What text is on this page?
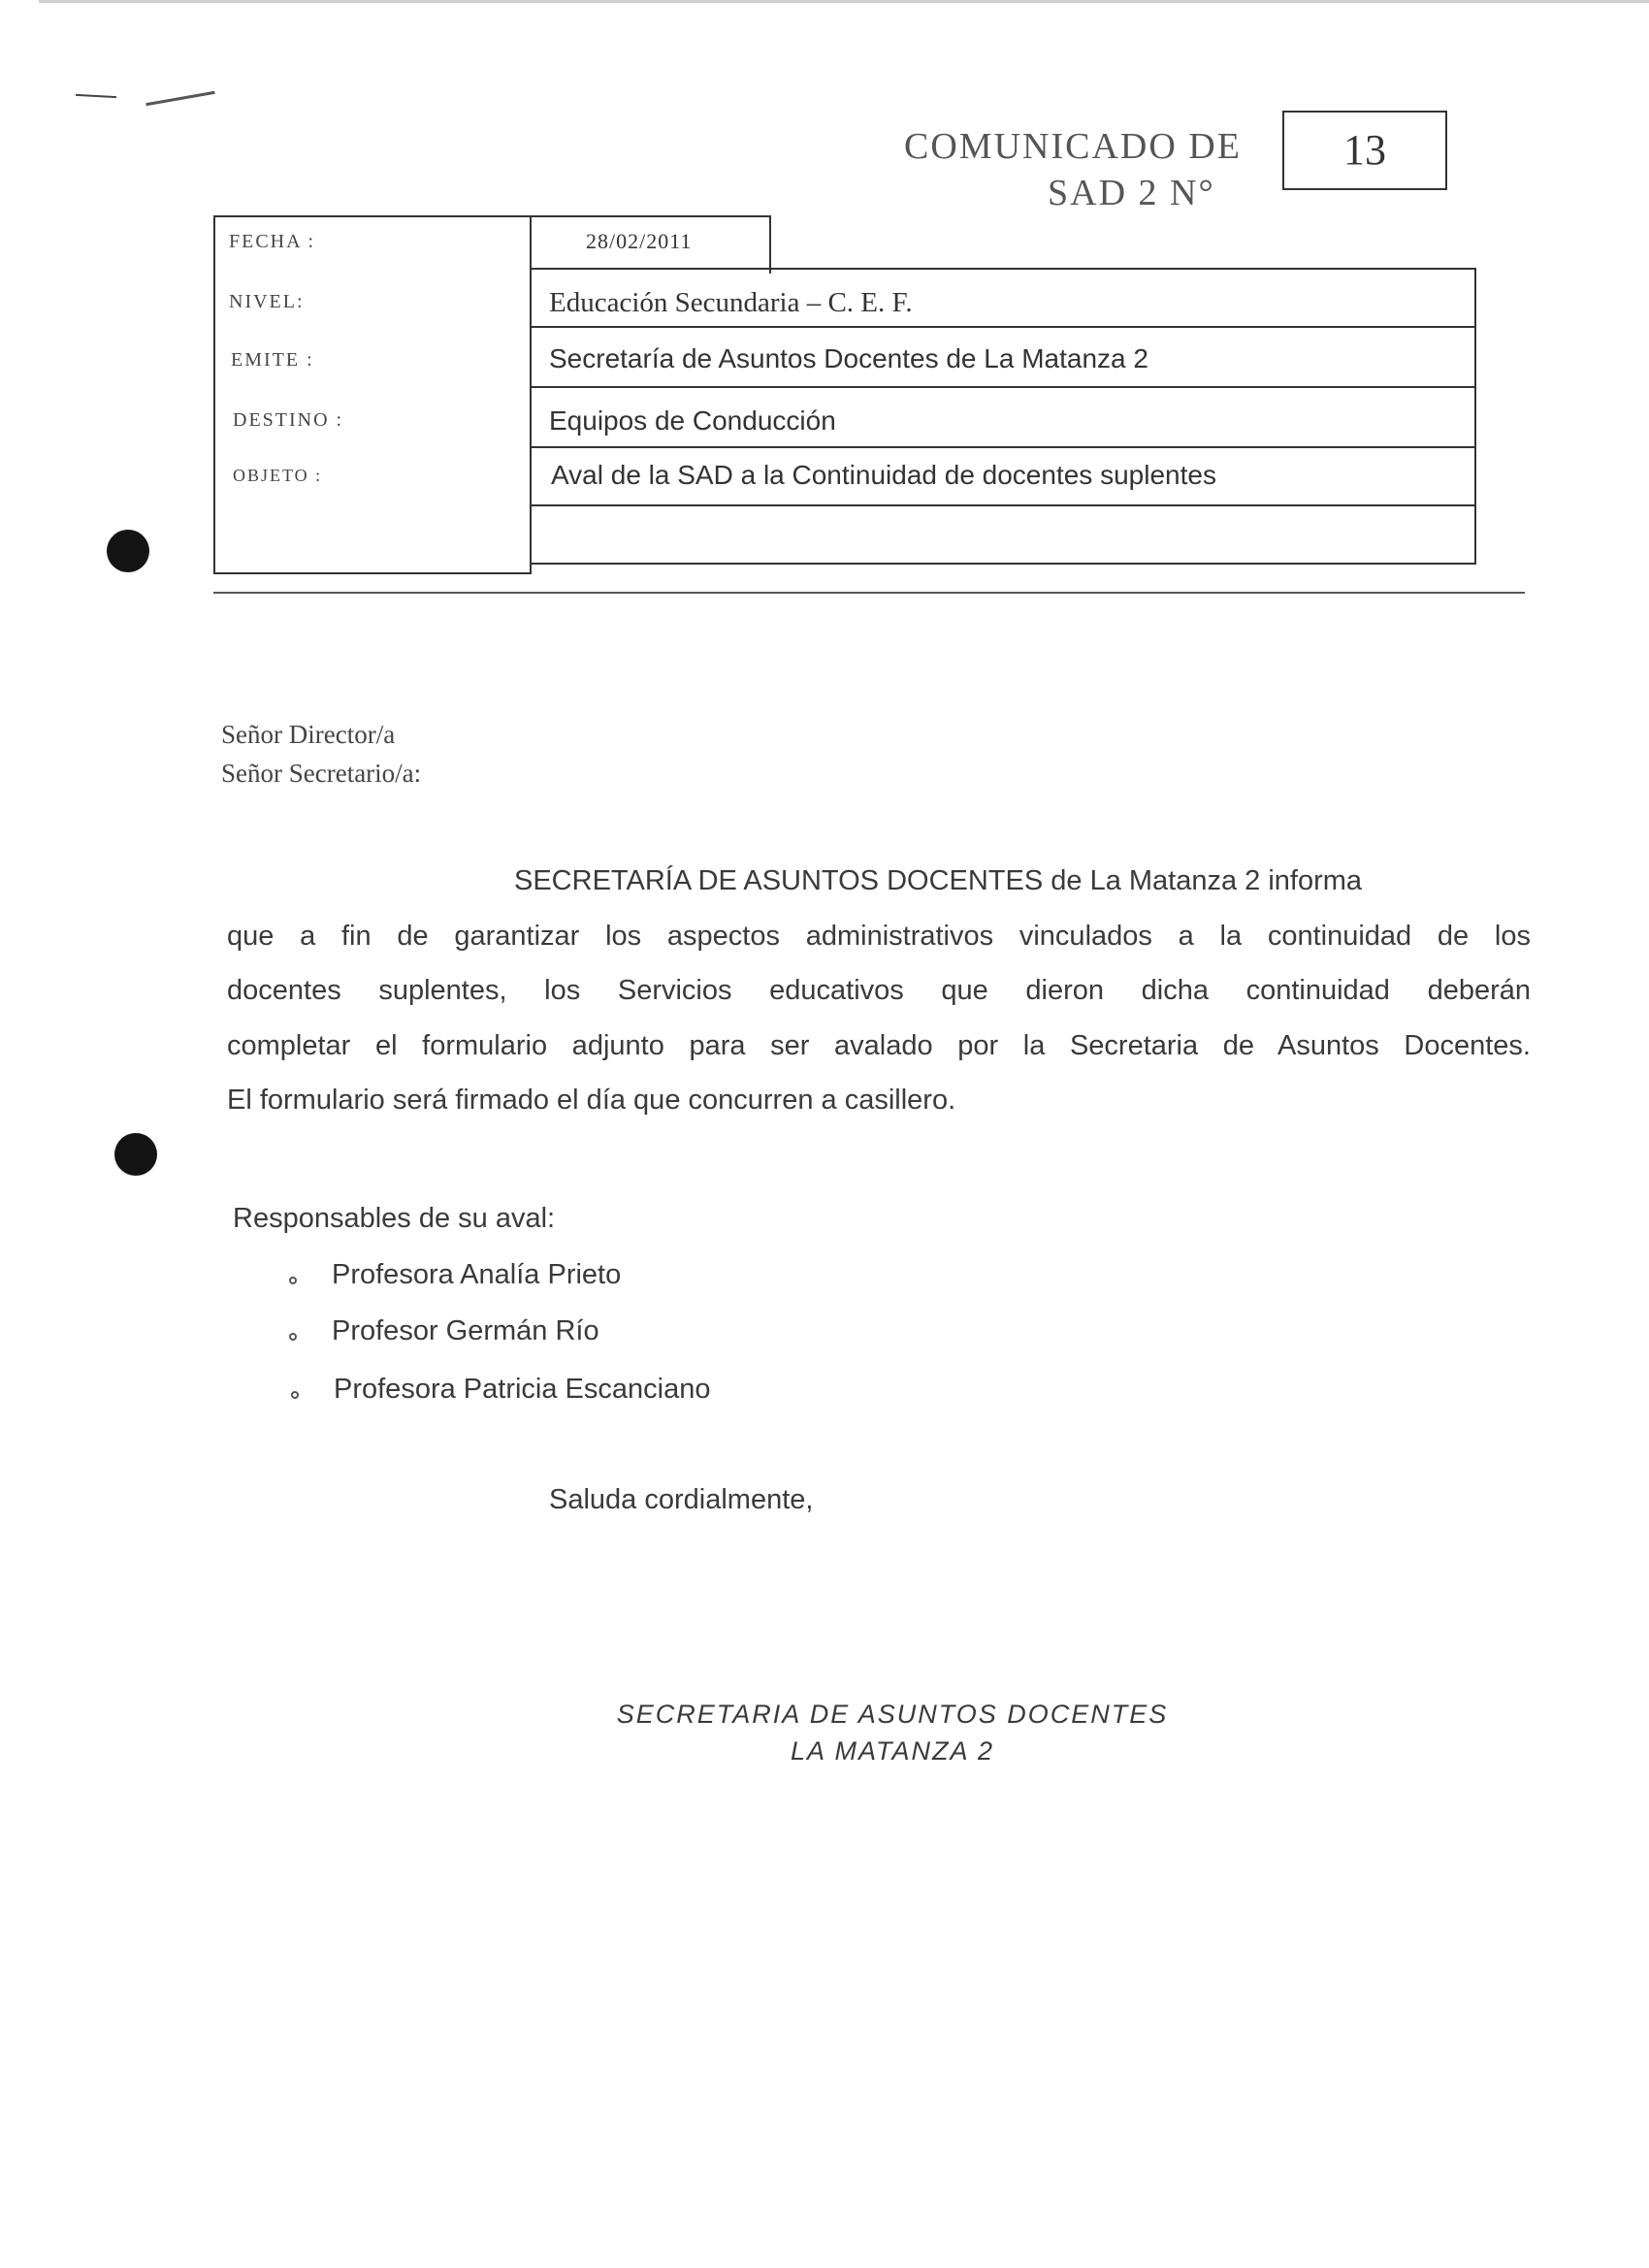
COMUNICADO DE
SAD 2 N°
13
FECHA :	28/02/2011
NIVEL:	Educación Secundaria – C. E. F.
EMITE :	Secretaría de Asuntos Docentes de La Matanza 2
DESTINO :	Equipos de Conducción
OBJETO :	Aval de la SAD a la Continuidad de docentes suplentes
Señor Director/a
Señor Secretario/a:
SECRETARÍA DE ASUNTOS DOCENTES de La Matanza 2 informa
que a fin de garantizar los aspectos administrativos vinculados a la continuidad de los
docentes suplentes, los Servicios educativos que dieron dicha continuidad deberán
completar el formulario adjunto para ser avalado por la Secretaria de Asuntos Docentes.
El formulario será firmado el día que concurren a casillero.
Responsables de su aval:
Profesora Analía Prieto
Profesor Germán Río
Profesora Patricia Escanciano
Saluda cordialmente,
SECRETARIA DE ASUNTOS DOCENTES
LA MATANZA 2
